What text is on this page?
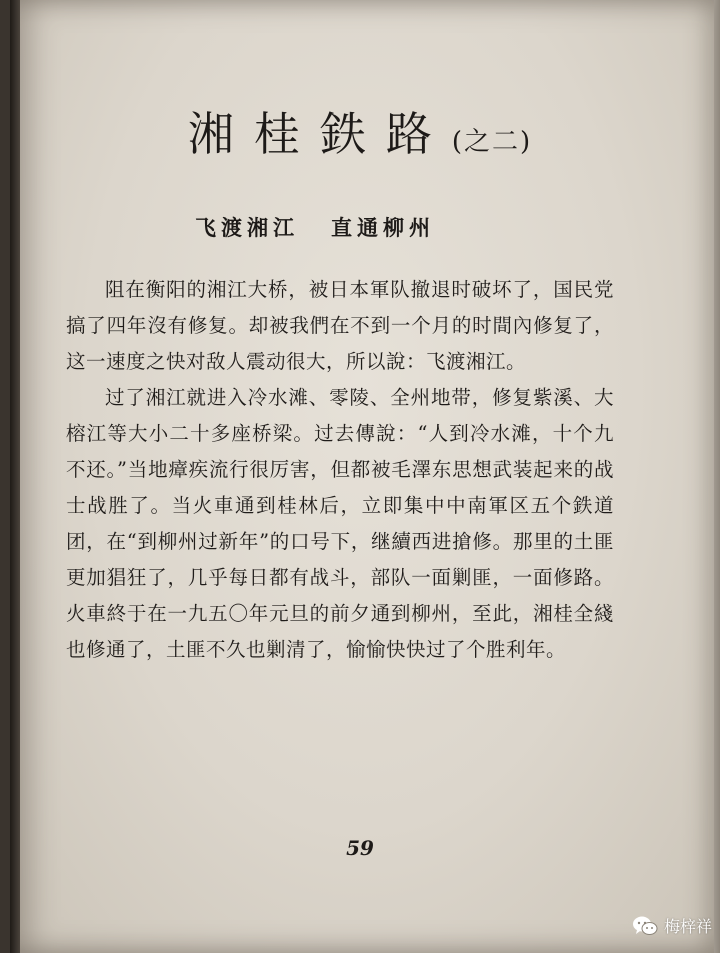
湘桂鉄路(之二)
飞渡湘江 直通柳州

阻在衡阳的湘江大桥，被日本軍队撤退时破坏了，国民党搞了四年沒有修复。却被我們在不到一个月的时間內修复了，这一速度之快对敌人震动很大，所以說：飞渡湘江。

过了湘江就进入冷水滩、零陵、全州地带，修复紫溪、大榕江等大小二十多座桥梁。过去傳說：“人到冷水滩，十个九不还。”当地瘴疾流行很厉害，但都被毛澤东思想武装起来的战士战胜了。当火車通到桂林后，立即集中中南軍区五个鉄道团，在“到柳州过新年”的口号下，继續西进搶修。那里的土匪更加猖狂了，几乎每日都有战斗，部队一面剿匪，一面修路。火車終于在一九五〇年元旦的前夕通到柳州，至此，湘桂全綫也修通了，土匪不久也剿清了，愉愉快快过了个胜利年。

59
梅梓祥
